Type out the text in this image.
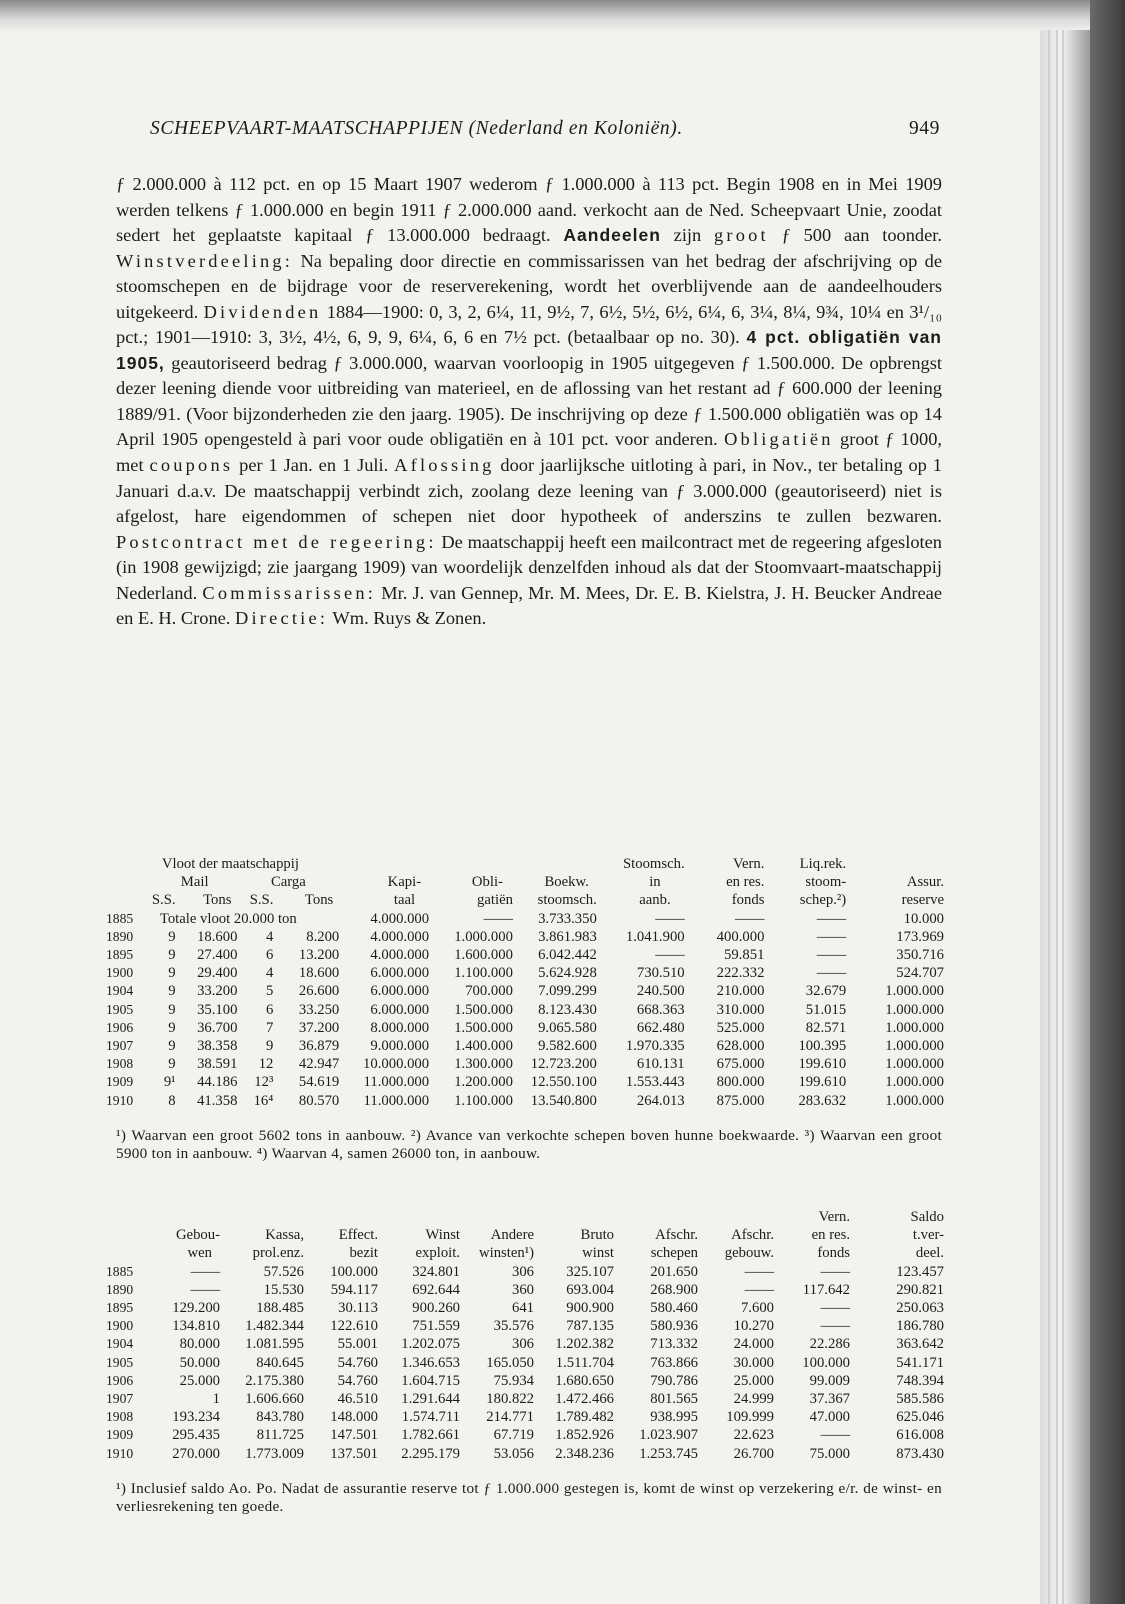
SCHEEPVAART-MAATSCHAPPIJEN (Nederland en Koloniën).	949

ƒ 2.000.000 à 112 pct. en op 15 Maart 1907 wederom ƒ 1.000.000 à 113 pct. Begin 1908 en in Mei 1909 werden telkens ƒ 1.000.000 en begin 1911 ƒ 2.000.000 aand. verkocht aan de Ned. Scheepvaart Unie, zoodat sedert het geplaatste kapitaal ƒ 13.000.000 bedraagt. Aandeelen zijn groot ƒ 500 aan toonder. Winstverdeeling: Na bepaling door directie en commissarissen van het bedrag der afschrijving op de stoomschepen en de bijdrage voor de reserverekening, wordt het overblijvende aan de aandeelhouders uitgekeerd. Dividenden 1884—1900: 0, 3, 2, 6¼, 11, 9½, 7, 6½, 5½, 6½, 6¼, 6, 3¼, 8¼, 9¾, 10¼ en 3¹/₁₀ pct.; 1901—1910: 3, 3½, 4½, 6, 9, 9, 6¼, 6, 6 en 7½ pct. (betaalbaar op no. 30). 4 pct. obligatiën van 1905, geautoriseerd bedrag ƒ 3.000.000, waarvan voorloopig in 1905 uitgegeven ƒ 1.500.000. De opbrengst dezer leening diende voor uitbreiding van materieel, en de aflossing van het restant ad ƒ 600.000 der leening 1889/91. (Voor bijzonderheden zie den jaarg. 1905). De inschrijving op deze ƒ 1.500.000 obligatiën was op 14 April 1905 opengesteld à pari voor oude obligatiën en à 101 pct. voor anderen. Obligatiën groot ƒ 1000, met coupons per 1 Jan. en 1 Juli. Aflossing door jaarlijksche uitloting à pari, in Nov., ter betaling op 1 Januari d.a.v. De maatschappij verbindt zich, zoolang deze leening van ƒ 3.000.000 (geautoriseerd) niet is afgelost, hare eigendommen of schepen niet door hypotheek of anderszins te zullen bezwaren. Postcontract met de regeering: De maatschappij heeft een mailcontract met de regeering afgesloten (in 1908 gewijzigd; zie jaargang 1909) van woordelijk denzelfden inhoud als dat der Stoomvaart-maatschappij Nederland. Commissarissen: Mr. J. van Gennep, Mr. M. Mees, Dr. E. B. Kielstra, J. H. Beucker Andreae en E. H. Crone. Directie: Wm. Ruys & Zonen.

	Vloot der maatschappij						Stoomsch.		Vern.	Liq.rek.	
	Mail		Carga		Kapi-	Obli-	Boekw.	in	en res.	stoom-	Assur.
	S.S.	Tons	S.S.	Tons	taal	gatiën	stoomsch.	aanb.	fonds	schep.²)	reserve
1885	Totale vloot 20.000 ton				4.000.000	——	3.733.350	——	——	——	10.000
1890	9	18.600	4	8.200	4.000.000	1.000.000	3.861.983	1.041.900	400.000	——	173.969
1895	9	27.400	6	13.200	4.000.000	1.600.000	6.042.442	——	59.851	——	350.716
1900	9	29.400	4	18.600	6.000.000	1.100.000	5.624.928	730.510	222.332	——	524.707
1904	9	33.200	5	26.600	6.000.000	700.000	7.099.299	240.500	210.000	32.679	1.000.000
1905	9	35.100	6	33.250	6.000.000	1.500.000	8.123.430	668.363	310.000	51.015	1.000.000
1906	9	36.700	7	37.200	8.000.000	1.500.000	9.065.580	662.480	525.000	82.571	1.000.000
1907	9	38.358	9	36.879	9.000.000	1.400.000	9.582.600	1.970.335	628.000	100.395	1.000.000
1908	9	38.591	12	42.947	10.000.000	1.300.000	12.723.200	610.131	675.000	199.610	1.000.000
1909	9¹	44.186	12³	54.619	11.000.000	1.200.000	12.550.100	1.553.443	800.000	199.610	1.000.000
1910	8	41.358	16⁴	80.570	11.000.000	1.100.000	13.540.800	264.013	875.000	283.632	1.000.000
¹) Waarvan een groot 5602 tons in aanbouw. ²) Avance van verkochte schepen boven hunne boekwaarde. ³) Waarvan een groot 5900 ton in aanbouw. ⁴) Waarvan 4, samen 26000 ton, in aanbouw.
									Vern.	Saldo
	Gebou-	Kassa,	Effect.	Winst	Andere	Bruto	Afschr.	Afschr.	en res.	t.ver-
	wen	prol.enz.	bezit	exploit.	winsten¹)	winst	schepen	gebouw.	fonds	deel.
1885	——	57.526	100.000	324.801	306	325.107	201.650	——	——	123.457
1890	——	15.530	594.117	692.644	360	693.004	268.900	——	117.642	290.821
1895	129.200	188.485	30.113	900.260	641	900.900	580.460	7.600	——	250.063
1900	134.810	1.482.344	122.610	751.559	35.576	787.135	580.936	10.270	——	186.780
1904	80.000	1.081.595	55.001	1.202.075	306	1.202.382	713.332	24.000	22.286	363.642
1905	50.000	840.645	54.760	1.346.653	165.050	1.511.704	763.866	30.000	100.000	541.171
1906	25.000	2.175.380	54.760	1.604.715	75.934	1.680.650	790.786	25.000	99.009	748.394
1907	1	1.606.660	46.510	1.291.644	180.822	1.472.466	801.565	24.999	37.367	585.586
1908	193.234	843.780	148.000	1.574.711	214.771	1.789.482	938.995	109.999	47.000	625.046
1909	295.435	811.725	147.501	1.782.661	67.719	1.852.926	1.023.907	22.623	——	616.008
1910	270.000	1.773.009	137.501	2.295.179	53.056	2.348.236	1.253.745	26.700	75.000	873.430
¹) Inclusief saldo Ao. Po. Nadat de assurantie reserve tot ƒ 1.000.000 gestegen is, komt de winst op verzekering e/r. de winst- en verliesrekening ten goede.
